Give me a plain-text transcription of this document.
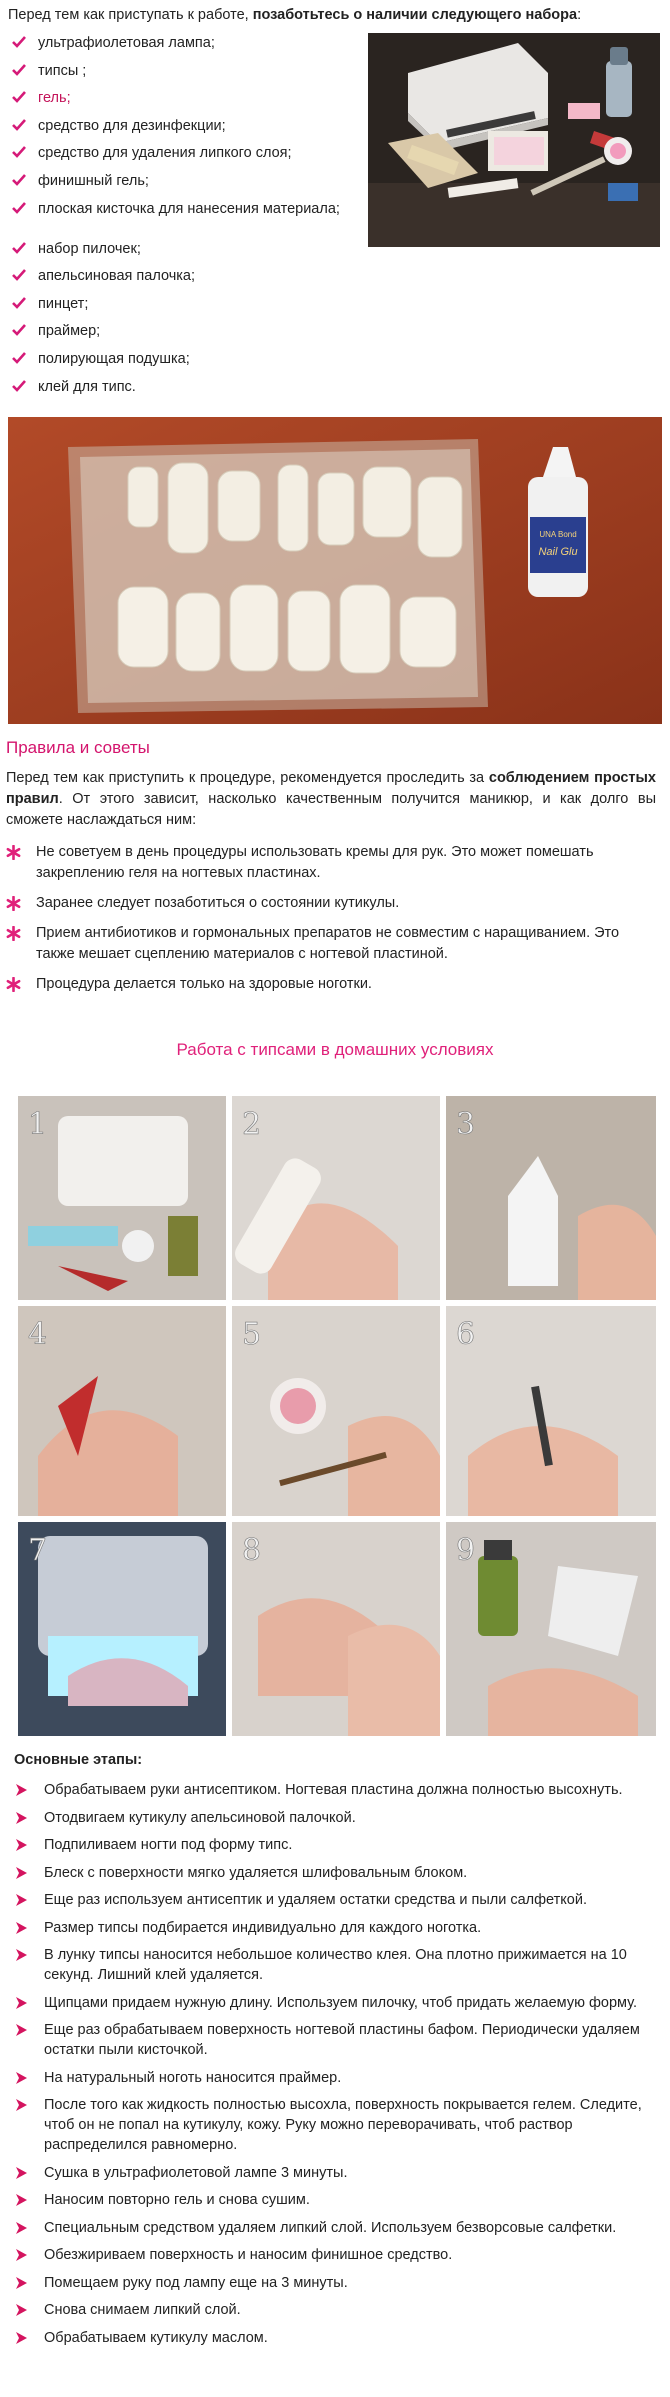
Перед тем как приступать к работе, позаботьтесь о наличии следующего набора:
ультрафиолетовая лампа;
типсы ;
гель;
средство для дезинфекции;
средство для удаления липкого слоя;
финишный гель;
плоская кисточка для нанесения материала;
набор пилочек;
апельсиновая палочка;
пинцет;
праймер;
полирующая подушка;
клей для типс.
UNA Bond
Nail Glu
Правила и советы
Перед тем как приступить к процедуре, рекомендуется проследить за соблюдением простых правил. От этого зависит, насколько качественным получится маникюр, и как долго вы сможете наслаждаться ним:
Не советуем в день процедуры использовать кремы для рук. Это может помешать закреплению геля на ногтевых пластинах.
Заранее следует позаботиться о состоянии кутикулы.
Прием антибиотиков и гормональных препаратов не совместим с наращиванием. Это также мешает сцеплению материалов с ногтевой пластиной.
Процедура делается только на здоровые ноготки.
Работа с типсами в домашних условиях
1	2	3
4	5	6
7	8	9
Основные этапы:
Обрабатываем руки антисептиком. Ногтевая пластина должна полностью высохнуть.
Отодвигаем кутикулу апельсиновой палочкой.
Подпиливаем ногти под форму типс.
Блеск с поверхности мягко удаляется шлифовальным блоком.
Еще раз используем антисептик и удаляем остатки средства и пыли салфеткой.
Размер типсы подбирается индивидуально для каждого ноготка.
В лунку типсы наносится небольшое количество клея. Она плотно прижимается на 10 секунд. Лишний клей удаляется.
Щипцами придаем нужную длину. Используем пилочку, чтоб придать желаемую форму.
Еще раз обрабатываем поверхность ногтевой пластины бафом. Периодически удаляем остатки пыли кисточкой.
На натуральный ноготь наносится праймер.
После того как жидкость полностью высохла, поверхность покрывается гелем. Следите, чтоб он не попал на кутикулу, кожу. Руку можно переворачивать, чтоб раствор распределился равномерно.
Сушка в ультрафиолетовой лампе 3 минуты.
Наносим повторно гель и снова сушим.
Специальным средством удаляем липкий слой. Используем безворсовые салфетки.
Обезжириваем поверхность и наносим финишное средство.
Помещаем руку под лампу еще на 3 минуты.
Снова снимаем липкий слой.
Обрабатываем кутикулу маслом.
